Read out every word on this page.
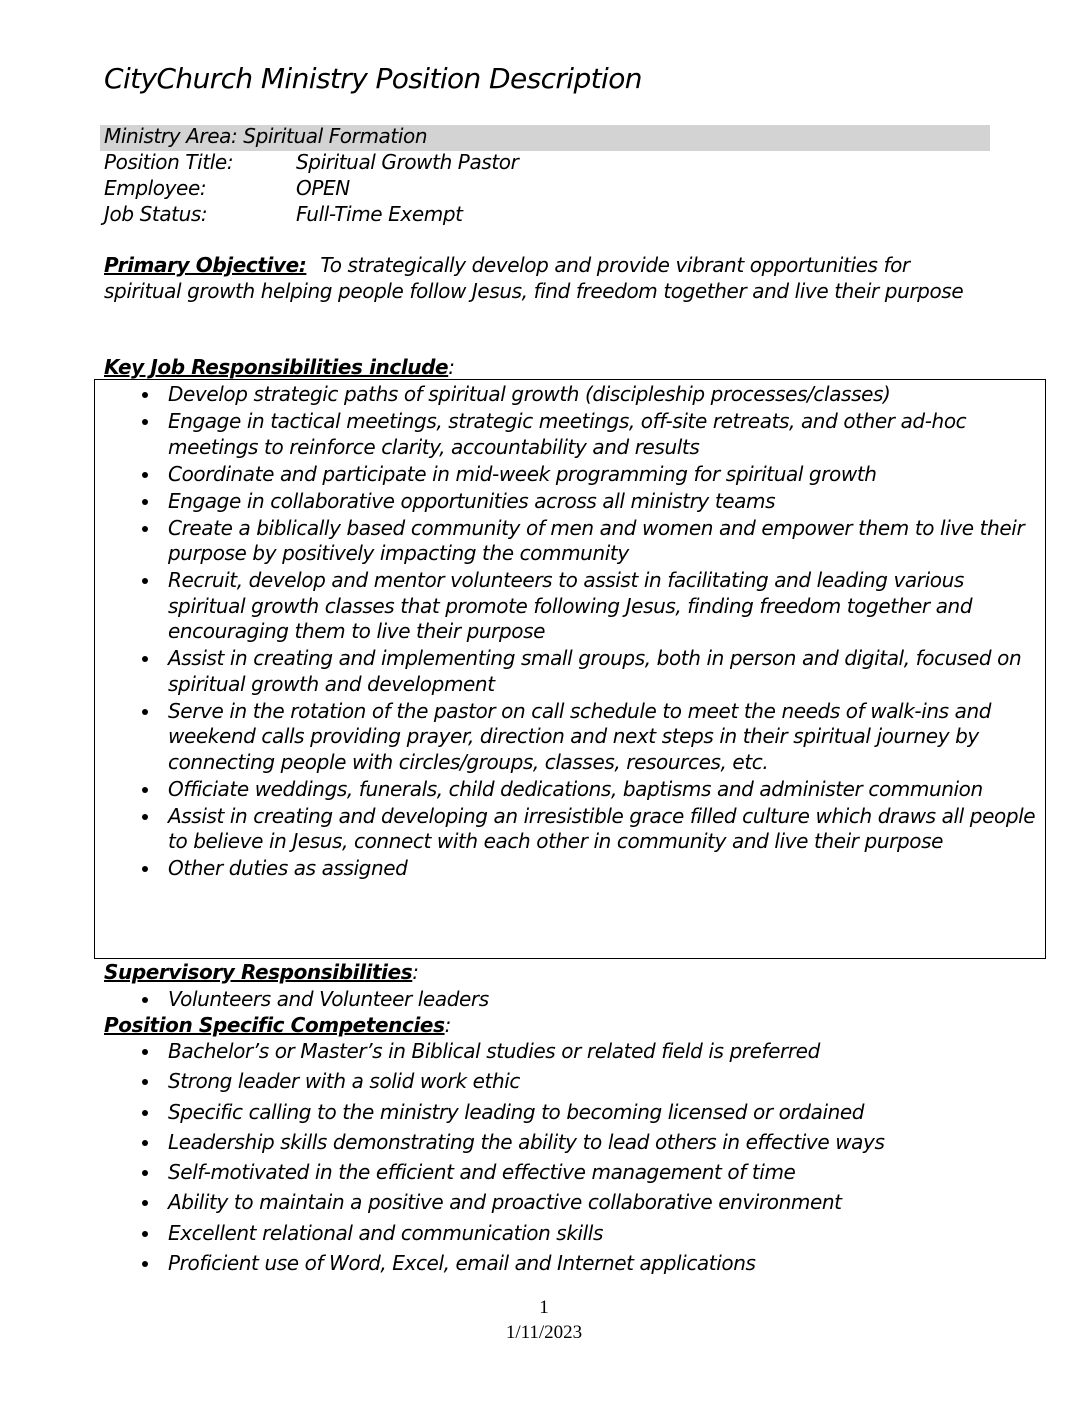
CityChurch Ministry Position Description
Ministry Area: Spiritual Formation
Position Title:	Spiritual Growth Pastor
Employee:	OPEN
Job Status:	Full-Time Exempt
Primary Objective: To strategically develop and provide vibrant opportunities for spiritual growth helping people follow Jesus, find freedom together and live their purpose
Key Job Responsibilities include:
Develop strategic paths of spiritual growth (discipleship processes/classes)
Engage in tactical meetings, strategic meetings, off-site retreats, and other ad-hoc meetings to reinforce clarity, accountability and results
Coordinate and participate in mid-week programming for spiritual growth
Engage in collaborative opportunities across all ministry teams
Create a biblically based community of men and women and empower them to live their purpose by positively impacting the community
Recruit, develop and mentor volunteers to assist in facilitating and leading various spiritual growth classes that promote following Jesus, finding freedom together and encouraging them to live their purpose
Assist in creating and implementing small groups, both in person and digital, focused on spiritual growth and development
Serve in the rotation of the pastor on call schedule to meet the needs of walk-ins and weekend calls providing prayer, direction and next steps in their spiritual journey by connecting people with circles/groups, classes, resources, etc.
Officiate weddings, funerals, child dedications, baptisms and administer communion
Assist in creating and developing an irresistible grace filled culture which draws all people to believe in Jesus, connect with each other in community and live their purpose
Other duties as assigned
Supervisory Responsibilities:
Volunteers and Volunteer leaders
Position Specific Competencies:
Bachelor’s or Master’s in Biblical studies or related field is preferred
Strong leader with a solid work ethic
Specific calling to the ministry leading to becoming licensed or ordained
Leadership skills demonstrating the ability to lead others in effective ways
Self-motivated in the efficient and effective management of time
Ability to maintain a positive and proactive collaborative environment
Excellent relational and communication skills
Proficient use of Word, Excel, email and Internet applications
1
1/11/2023
